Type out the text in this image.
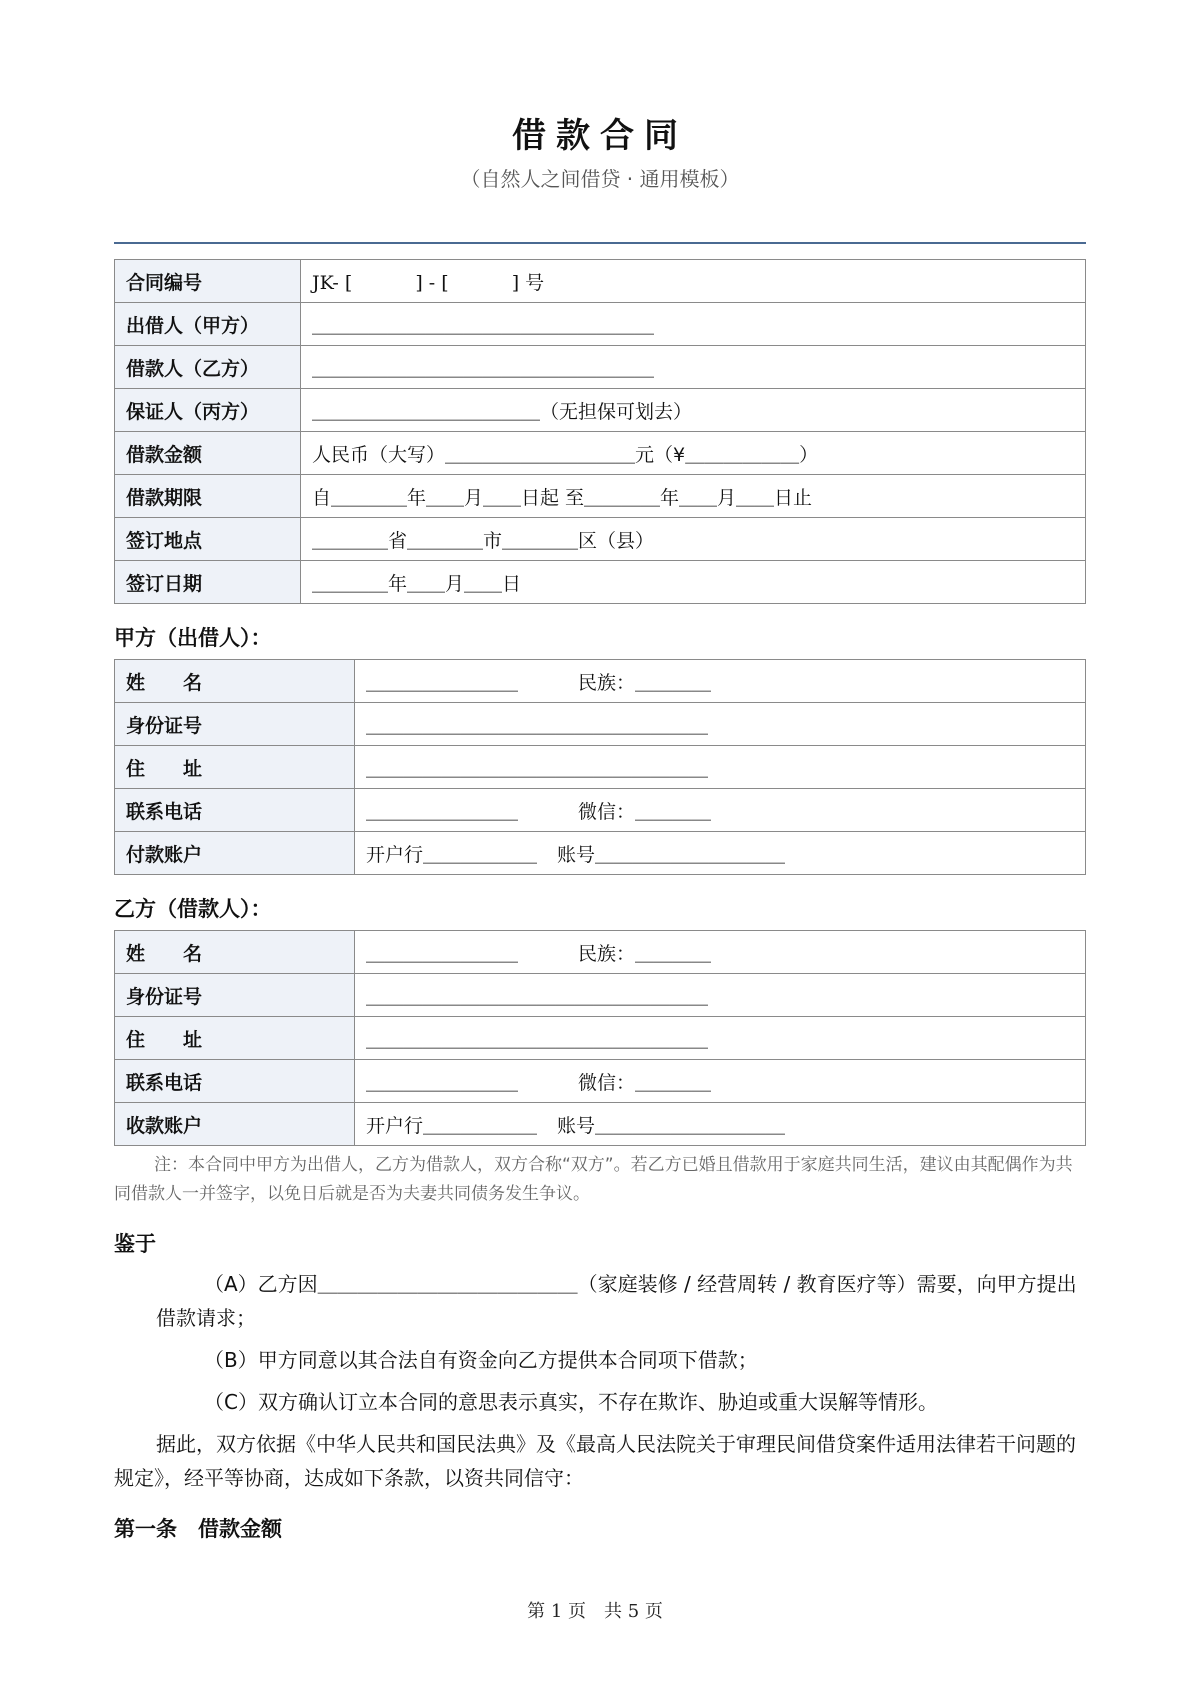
借款合同
（自然人之间借贷 · 通用模板）
合同编号	JK- [　　　 ] - [　　　 ] 号
出借人（甲方）	＿＿＿＿＿＿＿＿＿＿＿＿＿＿＿＿＿＿
借款人（乙方）	＿＿＿＿＿＿＿＿＿＿＿＿＿＿＿＿＿＿
保证人（丙方）	＿＿＿＿＿＿＿＿＿＿＿＿（无担保可划去）
借款金额	人民币（大写）＿＿＿＿＿＿＿＿＿＿元（¥＿＿＿＿＿＿）
借款期限	自＿＿＿＿年＿＿月＿＿日起 至＿＿＿＿年＿＿月＿＿日止
签订地点	＿＿＿＿省＿＿＿＿市＿＿＿＿区（县）
签订日期	＿＿＿＿年＿＿月＿＿日
甲方（出借人）：
姓　　名	＿＿＿＿＿＿＿＿ 民族：＿＿＿＿
身份证号	＿＿＿＿＿＿＿＿＿＿＿＿＿＿＿＿＿＿
住　　址	＿＿＿＿＿＿＿＿＿＿＿＿＿＿＿＿＿＿
联系电话	＿＿＿＿＿＿＿＿ 微信：＿＿＿＿
付款账户	开户行＿＿＿＿＿＿ 账号＿＿＿＿＿＿＿＿＿＿
乙方（借款人）：
姓　　名	＿＿＿＿＿＿＿＿ 民族：＿＿＿＿
身份证号	＿＿＿＿＿＿＿＿＿＿＿＿＿＿＿＿＿＿
住　　址	＿＿＿＿＿＿＿＿＿＿＿＿＿＿＿＿＿＿
联系电话	＿＿＿＿＿＿＿＿ 微信：＿＿＿＿
收款账户	开户行＿＿＿＿＿＿ 账号＿＿＿＿＿＿＿＿＿＿
注：本合同中甲方为出借人，乙方为借款人，双方合称“双方”。若乙方已婚且借款用于家庭共同生活，建议由其配偶作为共同借款人一并签字，以免日后就是否为夫妻共同债务发生争议。
鉴于
（A）乙方因＿＿＿＿＿＿＿＿＿＿＿＿＿（家庭装修 / 经营周转 / 教育医疗等）需要，向甲方提出借款请求；
（B）甲方同意以其合法自有资金向乙方提供本合同项下借款；
（C）双方确认订立本合同的意思表示真实，不存在欺诈、胁迫或重大误解等情形。
据此，双方依据《中华人民共和国民法典》及《最高人民法院关于审理民间借贷案件适用法律若干问题的规定》，经平等协商，达成如下条款，以资共同信守：
第一条　借款金额
第 1 页　共 5 页
